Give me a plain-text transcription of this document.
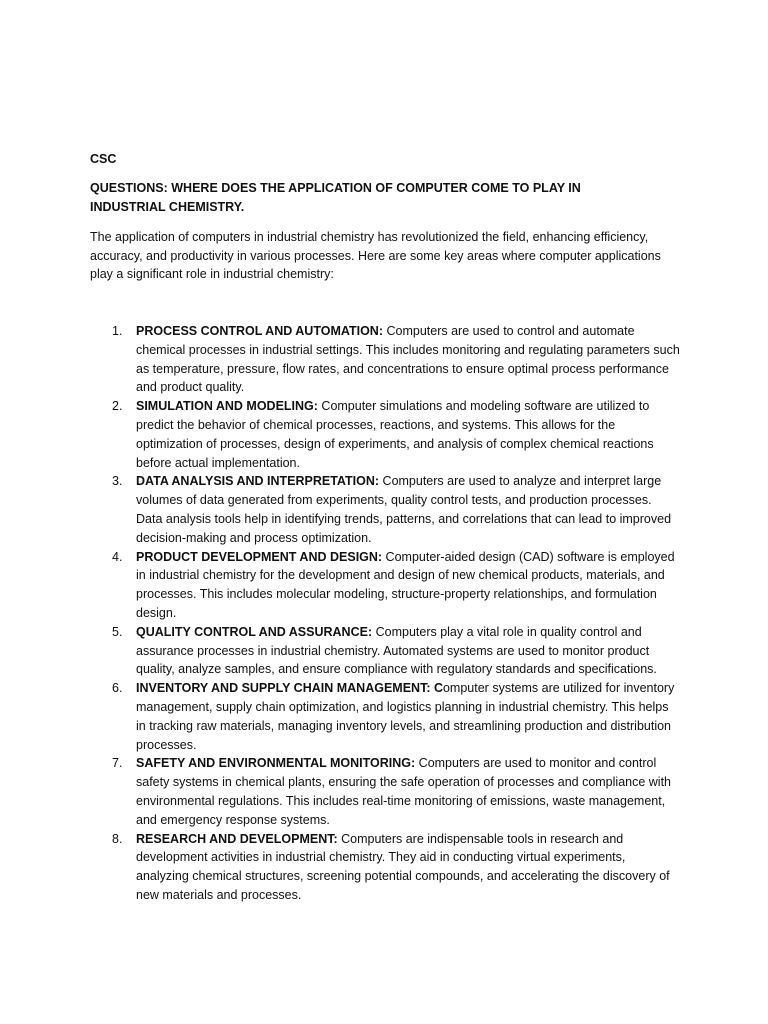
CSC

QUESTIONS: WHERE DOES THE APPLICATION OF COMPUTER COME TO PLAY IN INDUSTRIAL CHEMISTRY.

The application of computers in industrial chemistry has revolutionized the field, enhancing efficiency, accuracy, and productivity in various processes. Here are some key areas where computer applications play a significant role in industrial chemistry:

1. PROCESS CONTROL AND AUTOMATION: Computers are used to control and automate chemical processes in industrial settings. This includes monitoring and regulating parameters such as temperature, pressure, flow rates, and concentrations to ensure optimal process performance and product quality.
2. SIMULATION AND MODELING: Computer simulations and modeling software are utilized to predict the behavior of chemical processes, reactions, and systems. This allows for the optimization of processes, design of experiments, and analysis of complex chemical reactions before actual implementation.
3. DATA ANALYSIS AND INTERPRETATION: Computers are used to analyze and interpret large volumes of data generated from experiments, quality control tests, and production processes. Data analysis tools help in identifying trends, patterns, and correlations that can lead to improved decision-making and process optimization.
4. PRODUCT DEVELOPMENT AND DESIGN: Computer-aided design (CAD) software is employed in industrial chemistry for the development and design of new chemical products, materials, and processes. This includes molecular modeling, structure-property relationships, and formulation design.
5. QUALITY CONTROL AND ASSURANCE: Computers play a vital role in quality control and assurance processes in industrial chemistry. Automated systems are used to monitor product quality, analyze samples, and ensure compliance with regulatory standards and specifications.
6. INVENTORY AND SUPPLY CHAIN MANAGEMENT: Computer systems are utilized for inventory management, supply chain optimization, and logistics planning in industrial chemistry. This helps in tracking raw materials, managing inventory levels, and streamlining production and distribution processes.
7. SAFETY AND ENVIRONMENTAL MONITORING: Computers are used to monitor and control safety systems in chemical plants, ensuring the safe operation of processes and compliance with environmental regulations. This includes real-time monitoring of emissions, waste management, and emergency response systems.
8. RESEARCH AND DEVELOPMENT: Computers are indispensable tools in research and development activities in industrial chemistry. They aid in conducting virtual experiments, analyzing chemical structures, screening potential compounds, and accelerating the discovery of new materials and processes.
